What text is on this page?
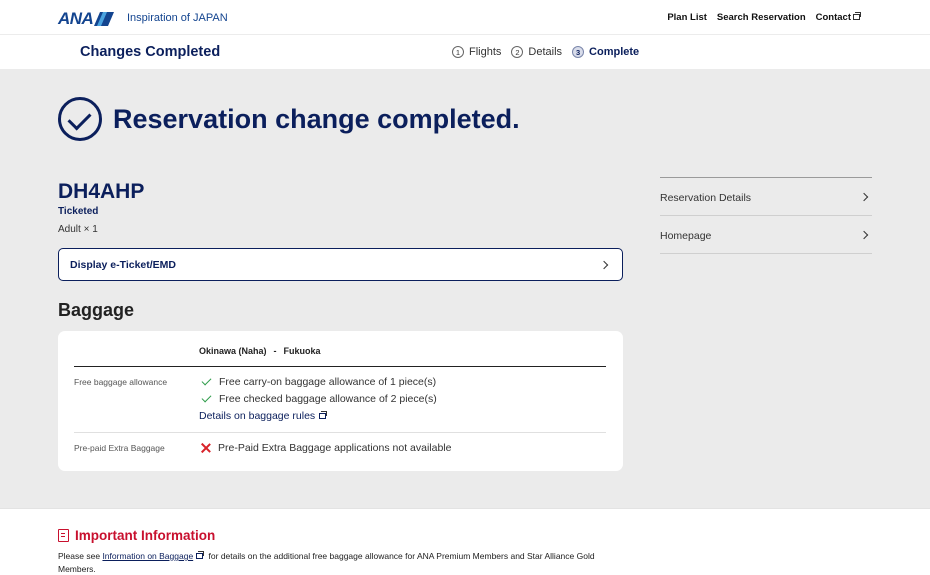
ANA	Inspiration of JAPAN	Plan List Search Reservation Contact
Changes Completed	1 Flights	2 Details	3 Complete
Reservation change completed.
DH4AHP
Ticketed
Adult × 1
Display e-Ticket/EMD
Reservation Details
Homepage
Baggage
Okinawa (Naha) - Fukuoka
Free baggage allowance	Free carry-on baggage allowance of 1 piece(s)
Free checked baggage allowance of 2 piece(s)
Details on baggage rules
Pre-paid Extra Baggage	Pre-Paid Extra Baggage applications not available
Important Information

Please see Information on Baggage for details on the additional free baggage allowance for ANA Premium Members and Star Alliance Gold Members.
